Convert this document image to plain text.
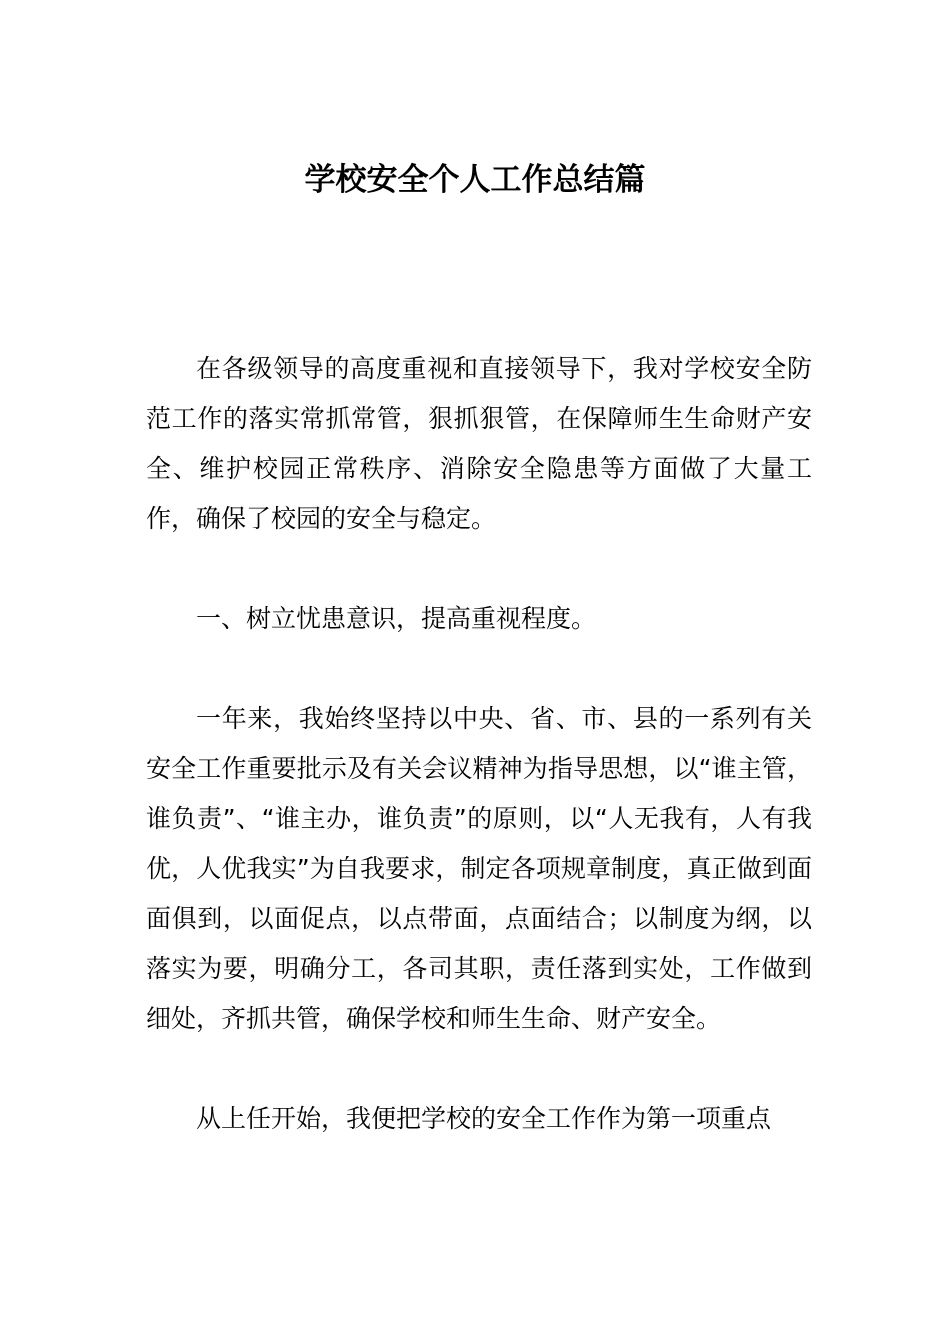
学校安全个人工作总结篇

在各级领导的高度重视和直接领导下，我对学校安全防范工作的落实常抓常管，狠抓狠管，在保障师生生命财产安全、维护校园正常秩序、消除安全隐患等方面做了大量工作，确保了校园的安全与稳定。

一、树立忧患意识，提高重视程度。

一年来，我始终坚持以中央、省、市、县的一系列有关安全工作重要批示及有关会议精神为指导思想，以“谁主管，谁负责”、“谁主办，谁负责”的原则，以“人无我有，人有我优，人优我实”为自我要求，制定各项规章制度，真正做到面面俱到，以面促点，以点带面，点面结合；以制度为纲，以落实为要，明确分工，各司其职，责任落到实处，工作做到细处，齐抓共管，确保学校和师生生命、财产安全。

从上任开始，我便把学校的安全工作作为第一项重点
